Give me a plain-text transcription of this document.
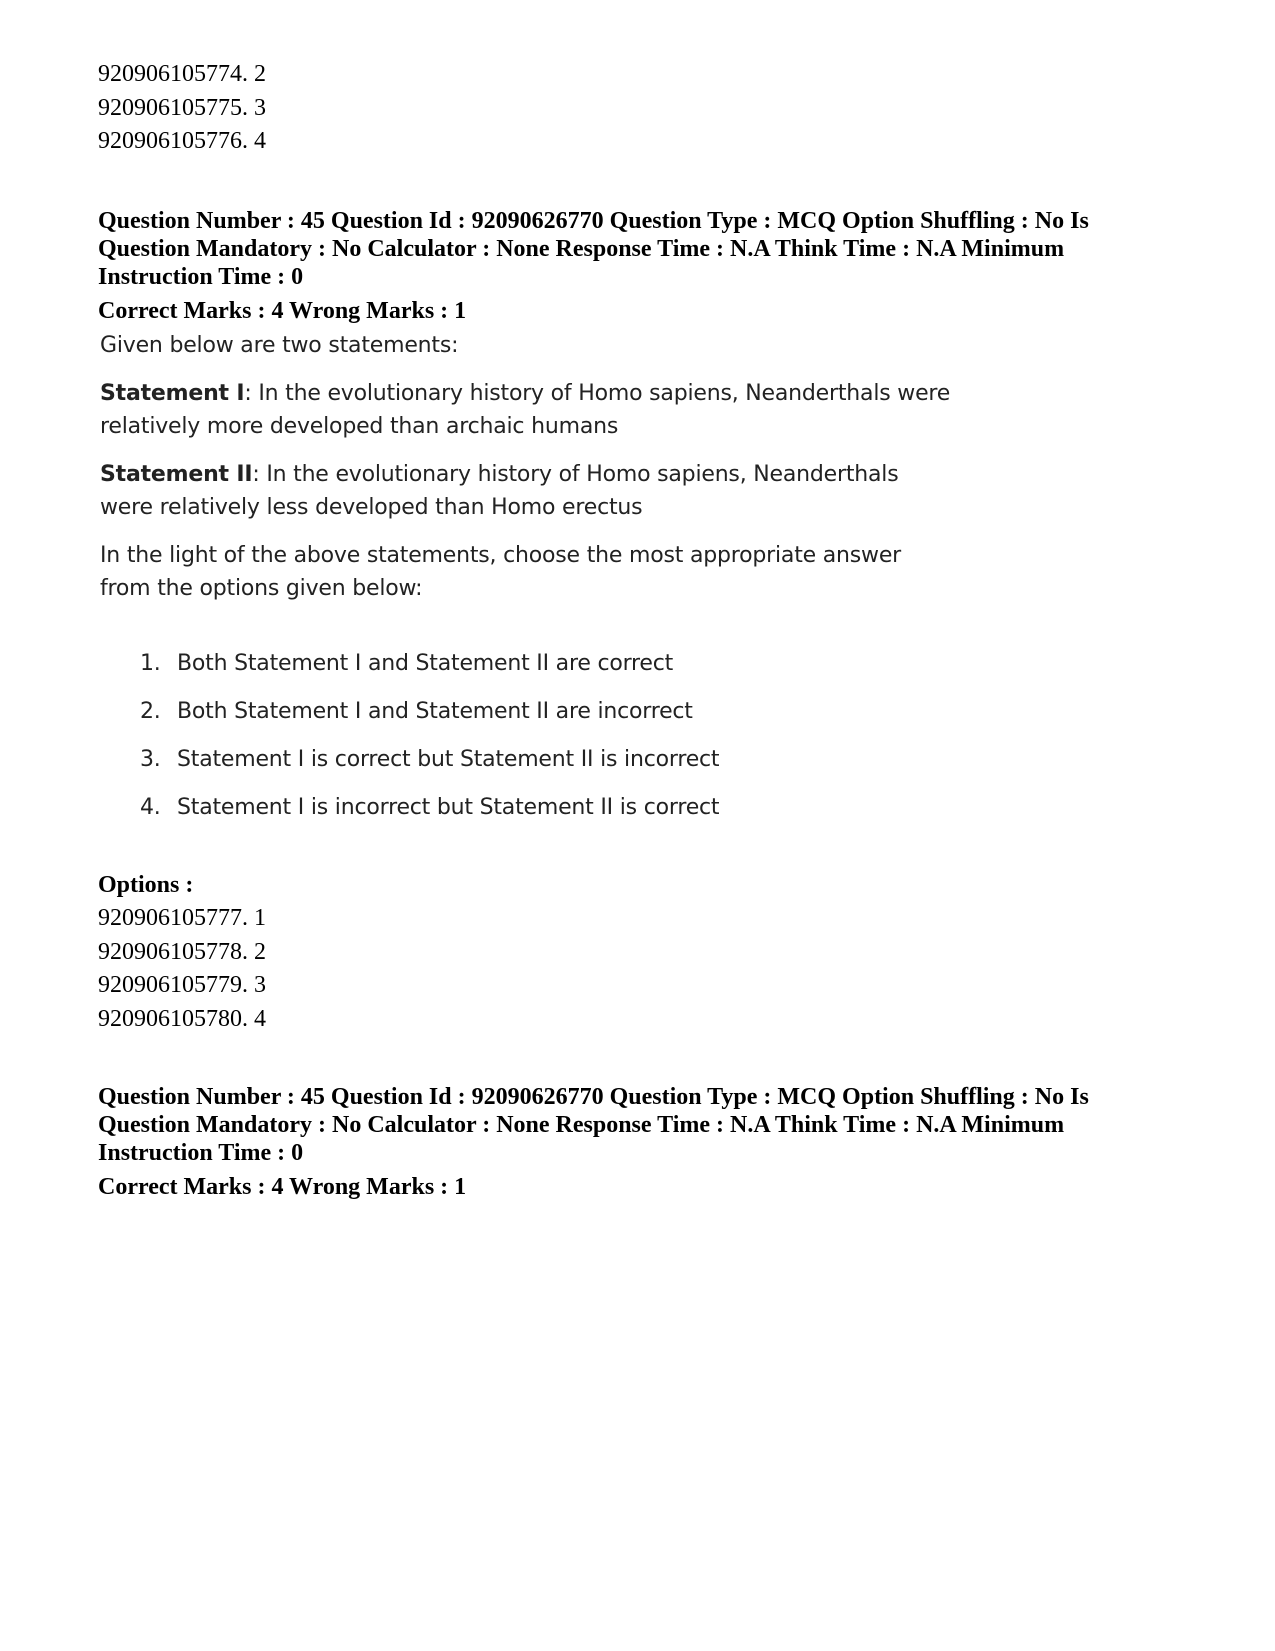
920906105774. 2
920906105775. 3
920906105776. 4
Question Number : 45 Question Id : 92090626770 Question Type : MCQ Option Shuffling : No Is
Question Mandatory : No Calculator : None Response Time : N.A Think Time : N.A Minimum
Instruction Time : 0
Correct Marks : 4 Wrong Marks : 1

Given below are two statements:

Statement I: In the evolutionary history of Homo sapiens, Neanderthals were
relatively more developed than archaic humans

Statement II: In the evolutionary history of Homo sapiens, Neanderthals
were relatively less developed than Homo erectus

In the light of the above statements, choose the most appropriate answer
from the options given below:

1. Both Statement I and Statement II are correct
2. Both Statement I and Statement II are incorrect
3. Statement I is correct but Statement II is incorrect
4. Statement I is incorrect but Statement II is correct
Options :
920906105777. 1
920906105778. 2
920906105779. 3
920906105780. 4
Question Number : 45 Question Id : 92090626770 Question Type : MCQ Option Shuffling : No Is
Question Mandatory : No Calculator : None Response Time : N.A Think Time : N.A Minimum
Instruction Time : 0
Correct Marks : 4 Wrong Marks : 1
